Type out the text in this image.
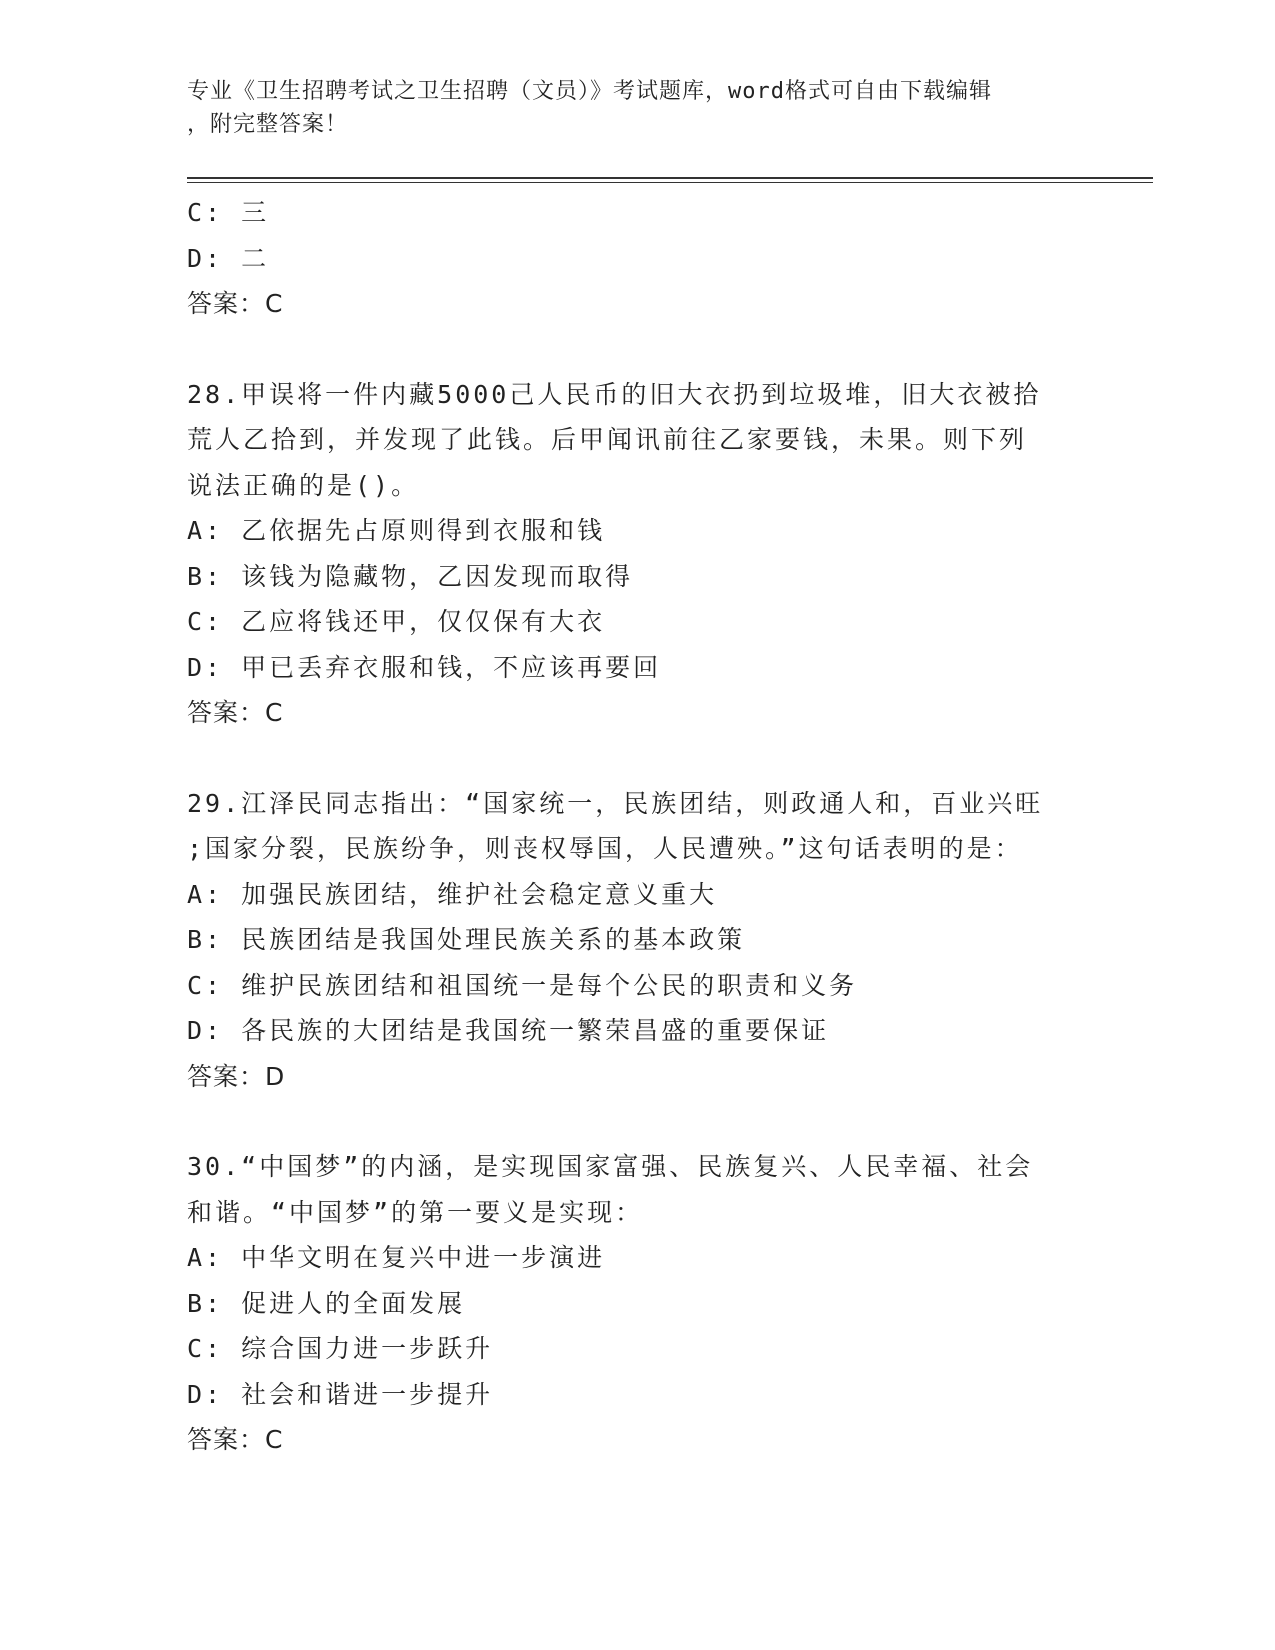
专业《卫生招聘考试之卫生招聘（文员）》考试题库，word格式可自由下载编辑
，附完整答案！
C: 三
D: 二
答案：C
28.甲误将一件内藏5000己人民币的旧大衣扔到垃圾堆，旧大衣被拾
荒人乙拾到，并发现了此钱。后甲闻讯前往乙家要钱，未果。则下列
说法正确的是()。
A: 乙依据先占原则得到衣服和钱
B: 该钱为隐藏物，乙因发现而取得
C: 乙应将钱还甲，仅仅保有大衣
D: 甲已丢弃衣服和钱，不应该再要回
答案：C
29.江泽民同志指出：“国家统一，民族团结，则政通人和，百业兴旺
;国家分裂，民族纷争，则丧权辱国，人民遭殃。”这句话表明的是：
A: 加强民族团结，维护社会稳定意义重大
B: 民族团结是我国处理民族关系的基本政策
C: 维护民族团结和祖国统一是每个公民的职责和义务
D: 各民族的大团结是我国统一繁荣昌盛的重要保证
答案：D
30.“中国梦”的内涵，是实现国家富强、民族复兴、人民幸福、社会
和谐。“中国梦”的第一要义是实现：
A: 中华文明在复兴中进一步演进
B: 促进人的全面发展
C: 综合国力进一步跃升
D: 社会和谐进一步提升
答案：C
